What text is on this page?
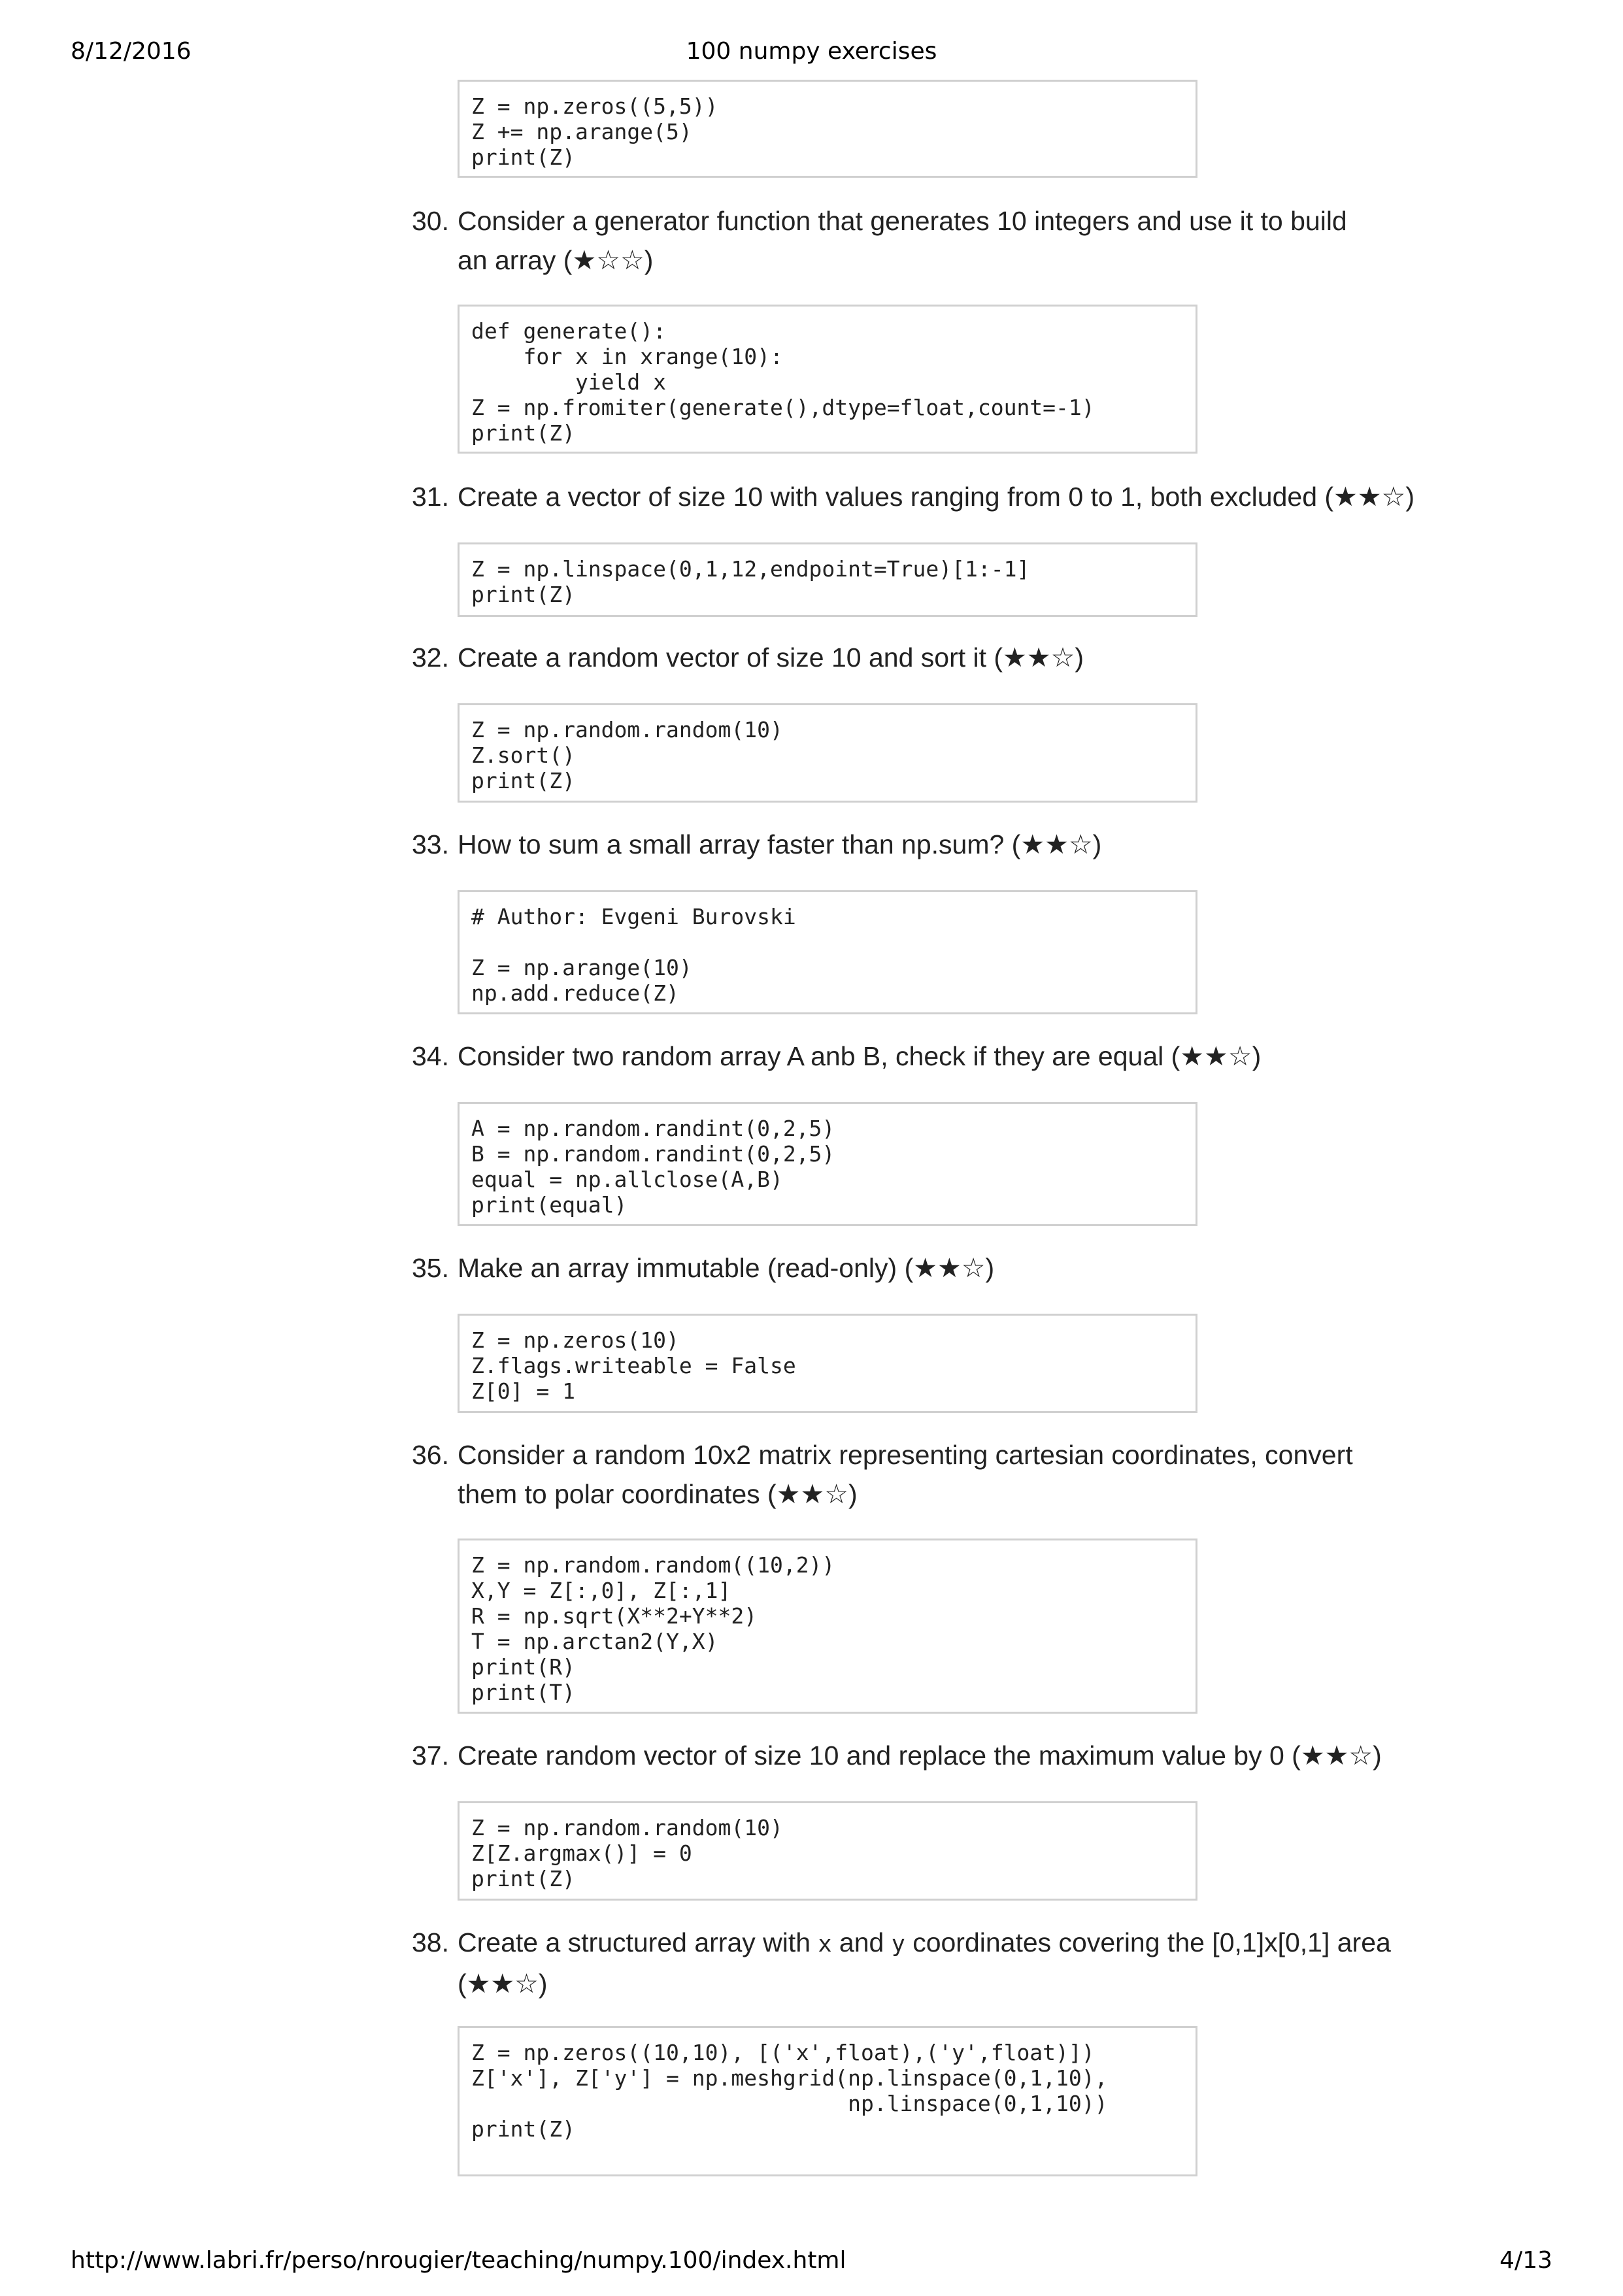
8/12/2016	100 numpy exercises
Z = np.zeros((5,5))
Z += np.arange(5)
print(Z)
30. Consider a generator function that generates 10 integers and use it to build an array (★☆☆)
def generate():
for x in xrange(10):
yield x
Z = np.fromiter(generate(),dtype=float,count=-1)
print(Z)
31. Create a vector of size 10 with values ranging from 0 to 1, both excluded (★★☆)
Z = np.linspace(0,1,12,endpoint=True)[1:-1]
print(Z)
32. Create a random vector of size 10 and sort it (★★☆)
Z = np.random.random(10)
Z.sort()
print(Z)
33. How to sum a small array faster than np.sum? (★★☆)
# Author: Evgeni Burovski

Z = np.arange(10)
np.add.reduce(Z)
34. Consider two random array A anb B, check if they are equal (★★☆)
A = np.random.randint(0,2,5)
B = np.random.randint(0,2,5)
equal = np.allclose(A,B)
print(equal)
35. Make an array immutable (read-only) (★★☆)
Z = np.zeros(10)
Z.flags.writeable = False
Z[0] = 1
36. Consider a random 10x2 matrix representing cartesian coordinates, convert them to polar coordinates (★★☆)
Z = np.random.random((10,2))
X,Y = Z[:,0], Z[:,1]
R = np.sqrt(X**2+Y**2)
T = np.arctan2(Y,X)
print(R)
print(T)
37. Create random vector of size 10 and replace the maximum value by 0 (★★☆)
Z = np.random.random(10)
Z[Z.argmax()] = 0
print(Z)
38. Create a structured array with x and y coordinates covering the [0,1]x[0,1] area (★★☆)
Z = np.zeros((10,10), [('x',float),('y',float)])
Z['x'], Z['y'] = np.meshgrid(np.linspace(0,1,10),
np.linspace(0,1,10))
print(Z)
http://www.labri.fr/perso/nrougier/teaching/numpy.100/index.html	4/13
